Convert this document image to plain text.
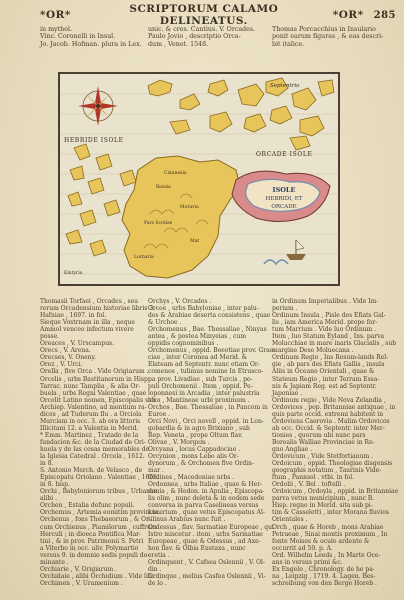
*OR*	SCRIPTORUM CALAMO DELINEATUS.	*OR* 285
in mythol.
Vinc. Coronelli in Insul.
Jo. Jacob. Hofman. plura in Lex.
unic. & cres. Cantius. V. Orcades.
Paulo Jovio , descriptio Orca-
dum , Venet. 1548.
Thomas Porcacchius in Insulario
ponit earum figuras , & eas descri-
bit italice.
Septentrio
HEBRIDE ISOLE
ORCADE ISOLE
ISOLE
HEBRIDI, ET
ORCADE
Catanesia
Rossia
Moravia
Pars Scotiae
Mar
Lornaria
Kintyria
Thomasii Torfaei , Orcades , seu
rerum Orcadensium historiae libris 3.
Hafniae , 1697. in fol.
Sieque Vostrnam in illa , neque
Ammol venceo infectum vivere
posse.
Oreaces , V. Urscampus.
Orecs , V. Arena.
Orecses, V. Oneny.
Orez , V. Urci.
Orella , five Orca . Vide Origiarum .
Orcelis , urbs Bastitanorum in Hisp.
Tarrac. nunc Tamplia , & alia Or-
buela , urbs Regni Valentiae , quae
Orcelit Latino nomen, Episcopalis sub
Archiep. Valentino, ad montium ra-
dices , ad Tuderum flu . a Orciola
Murciam in occ. 3. ab ora littoris
Illicitani 12. a Valentia in Merid.
* Emm. Martinez , Tratado de la
fundacion &c. de la Ciudad de Ori-
huela y de las cosas memorables de
la Iglesia Catedral . Orcela , 1612.
in 8.
S. Antonio Merch. de Velasco , de
Episcopatu Oriolano . Valentiae , 1661.
in 8. hisp.
Orchi , Babyloniorum tribus , Urbanae
alibi .
Orchen , Estalia defunc populi.
Orchemus , Artemia eomitim provincia.
Orchenus , fons Thebaeorum , & Or-
cum Orchienus , Piamilorum , cuffrum
Herculi ; in dioeca Pontifica Mar-
tini , & in prov. Patrimonii S. Petri
a Viterbo in occ. aliv. Polymartio
versus 9. in domnio sedis populi do-
minante .
Orchiarie , V. Origiarum .
Orchidaie , alibi Orchidium . Vide lib.
Orchimen , V. Uramenium .
Orchys , V. Orcades .
Orcoe , urbs Babyloniae , inter palu-
des & Arabiae deserta consistens , quae
& Urchoe .
Orchomenus , Bae. Thessaliae , Ninyas
antea , & postea Minyeias , cum
oppidis cognominibus .
Orchomenus , oppid. Boeotiae prov. Grae-
ciae , inter Coronea ad Merid. &
Elateam ad Septentr. nunc etiam Or-
comenos , tulimus nomine In Etrusco-
pa prov. Livadiae , sub Turcis , po-
puli Orchomenii . Item , oppid. Pe-
loponnesi in Arcadia , inter palustria
loca , Mantineae urbi proximum .
Orchos , Bae. Thessaliae , in Pancom in
Euroe .
Orci Novi , Orci novell , oppid. in Lon-
gobardia & in agro Brixiano , sub
Rep. Veneta , prope Oltum flav.
Olivae , V. Morgem .
Orcyana , locus Cappadociae .
Orcynion , mons Lebo alis Or-
dynorum , & Orchomen five Ordin-
mar .
Ordines , Macedoniae urbs .
Ordonnea , urbs Italiae , quae & Her-
donia , & Hedon. in Apulia , Episcopa-
lis olim , nunc deleta & in eodem sede
conversa in parva Caselineas versus
Lucerium , quae vetus Episcopatus Al-
tilinus Arabius nunc fuit .
Ordessus , flav. Sarmatiae Europeae , qui
Istro miscetur . item , urbs Sarmatiae
Europeae , quae & Odessus , ad Axe-
hon flav. & Olbia Eustaxa , nunc
eretia .
Ordinquent , V. Cafsea Oslennii , V. Ol-
din .
Ordinque , melius Casfea Oslennii , Vi-
de lo .
in Ordinum Imperialibus . Vide Im-
perium .
Ordinum Insula , Pisle des Efiats Gal-
lis , iam America Merid. prope for-
tum Marrium . Vide luo Ordinum .
Item , luo Statum Eyland , Ins. parva
Molucchiae in mare inaris Glacialis , sub
margine Dese Moluecana .
Ordinum Regio , Ins Rosum-lands Rel-
gie , ab pars des Efiats Gallis , insula
Aliis in Oceano Orientali , quae &
Stateum Regio , inter Terram Essa-
nis & Japiam Reg. est ad Septentr.
Japoniae .
Ordinum regio , Vide Nova Zelandia ,
Ordovices , pop. Britanniae antiquae , in
quis parte occid. extremi habitent in
Ordoviens Caerovia . Malim Ordovicos
ab occ. Occid. & Septentr. inter Mer-
tionies , quorum ubi nunc pars
Borealis Walliae Provinciae in Re-
gno Angliae .
Ordovicum , Vide Stetfortianum .
Ordoicum , oppid. Theologiae disgensis
geographis notatum , Taurinis Vide-
ftum , Pannsol . vtbi. in fol.
Ordolii , V. Bel . toftelli .
Ordoicum , Ordoyla , oppid. in Britanniae
parva vetus municipium , nunc B.
Hisp. regno in Merid. sita sub pi-
tim & Casseletti , inter Morana fluvios
Orientales .
Orch , quae & Horeb , mons Arabiae
Petraeae , Sinai montis proximum , In
fonte Moises & oculo ardente &
occurrit ad 59. p. A.
Ord. Wilhelm Leeds , In Marte Oce-
ans in versus primi &c.
Ex Engelo , Chronology. de he pa-
na , Leipzig , 1719. 4. Lagen. Bes-
schreibung von den Berge Horeb .
